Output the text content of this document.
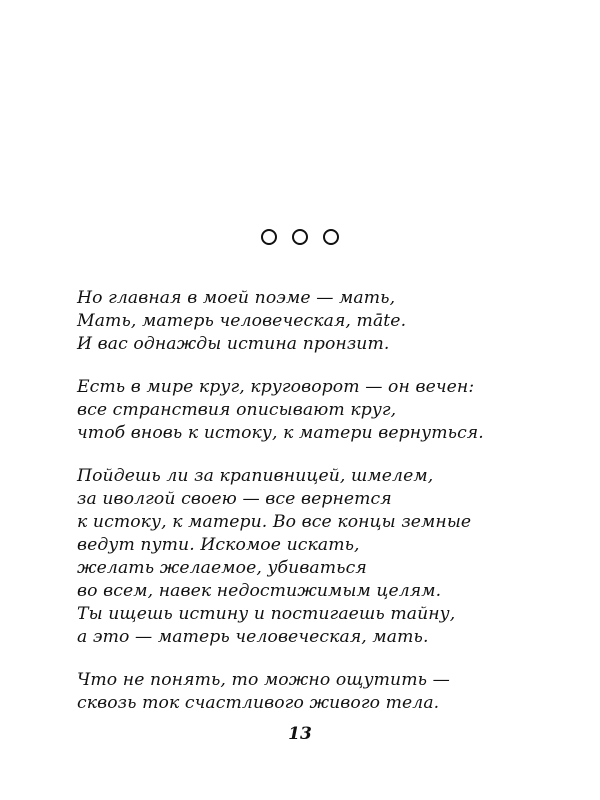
Но главная в моей поэме — мать,
Мать, матерь человеческая, mātе.
И вас однажды истина пронзит.
Есть в мире круг, круговорот — он вечен:
все странствия описывают круг,
чтоб вновь к истоку, к матери вернуться.
Пойдешь ли за крапивницей, шмелем,
за иволгой своею — все вернется
к истоку, к матери. Во все концы земные
ведут пути. Искомое искать,
желать желаемое, убиваться
во всем, навек недостижимым целям.
Ты ищешь истину и постигаешь тайну,
а это — матерь человеческая, мать.
Что не понять, то можно ощутить —
сквозь ток счастливого живого тела.
13
